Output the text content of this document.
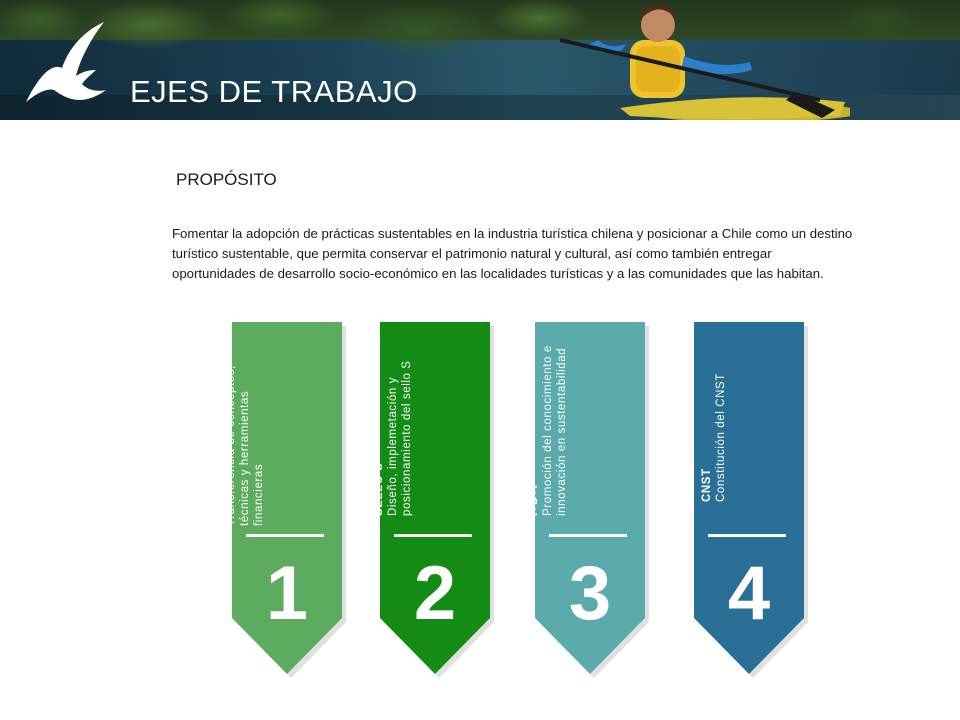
EJES DE TRABAJO
PROPÓSITO
Fomentar la adopción de prácticas sustentables en la industria turística chilena y posicionar a Chile como un destino
turístico sustentable, que permita conservar el patrimonio natural y cultural, así como también entregar
oportunidades de desarrollo socio-económico en las localidades turísticas y a las comunidades que las habitan.
DIFUSIÓN Transferencia de conceptos, técnicas y herramientas financieras
1
SELLO S Diseño, implemetación y posicionamiento del sello S
2
I+D+I Promoción del conocimiento e innovación en sustentabilidad
3
CNST Constitución del CNST
4
